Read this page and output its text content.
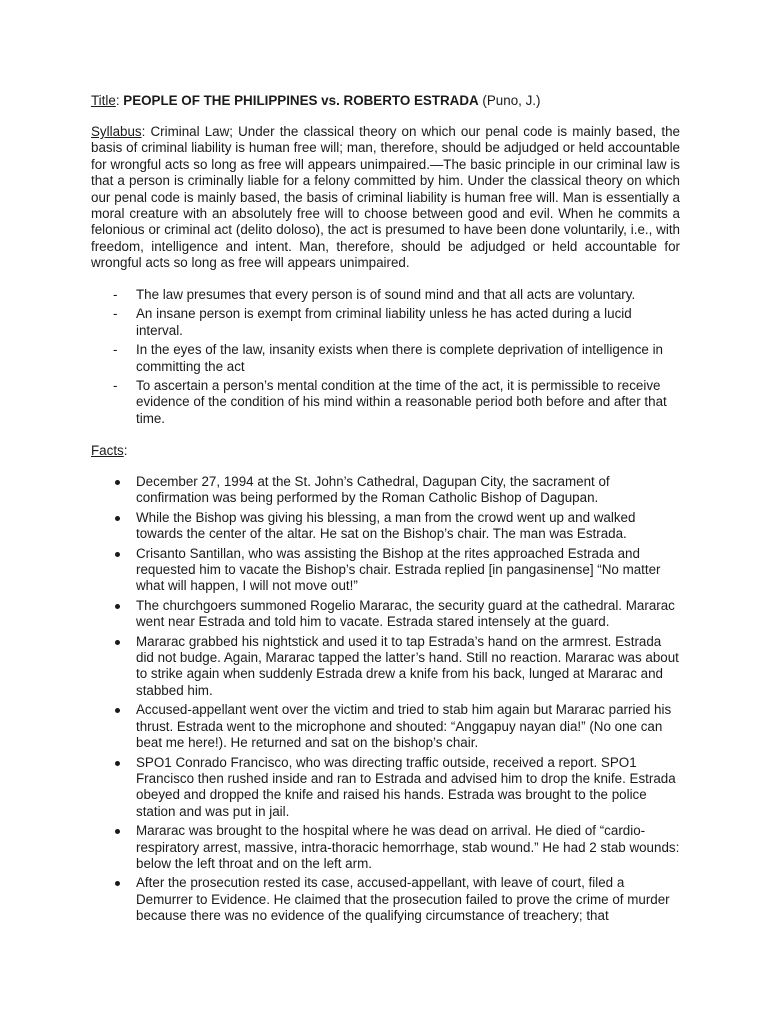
Title: PEOPLE OF THE PHILIPPINES vs. ROBERTO ESTRADA (Puno, J.)
Syllabus: Criminal Law; Under the classical theory on which our penal code is mainly based, the basis of criminal liability is human free will; man, therefore, should be adjudged or held accountable for wrongful acts so long as free will appears unimpaired.—The basic principle in our criminal law is that a person is criminally liable for a felony committed by him. Under the classical theory on which our penal code is mainly based, the basis of criminal liability is human free will. Man is essentially a moral creature with an absolutely free will to choose between good and evil. When he commits a felonious or criminal act (delito doloso), the act is presumed to have been done voluntarily, i.e., with freedom, intelligence and intent. Man, therefore, should be adjudged or held accountable for wrongful acts so long as free will appears unimpaired.
- The law presumes that every person is of sound mind and that all acts are voluntary.
- An insane person is exempt from criminal liability unless he has acted during a lucid interval.
- In the eyes of the law, insanity exists when there is complete deprivation of intelligence in committing the act
- To ascertain a person’s mental condition at the time of the act, it is permissible to receive evidence of the condition of his mind within a reasonable period both before and after that time.
Facts:
December 27, 1994 at the St. John’s Cathedral, Dagupan City, the sacrament of confirmation was being performed by the Roman Catholic Bishop of Dagupan.
While the Bishop was giving his blessing, a man from the crowd went up and walked towards the center of the altar. He sat on the Bishop’s chair. The man was Estrada.
Crisanto Santillan, who was assisting the Bishop at the rites approached Estrada and requested him to vacate the Bishop’s chair. Estrada replied [in pangasinense] “No matter what will happen, I will not move out!”
The churchgoers summoned Rogelio Mararac, the security guard at the cathedral. Mararac went near Estrada and told him to vacate. Estrada stared intensely at the guard.
Mararac grabbed his nightstick and used it to tap Estrada’s hand on the armrest. Estrada did not budge. Again, Mararac tapped the latter’s hand. Still no reaction. Mararac was about to strike again when suddenly Estrada drew a knife from his back, lunged at Mararac and stabbed him.
Accused-appellant went over the victim and tried to stab him again but Mararac parried his thrust. Estrada went to the microphone and shouted: “Anggapuy nayan dia!” (No one can beat me here!). He returned and sat on the bishop’s chair.
SPO1 Conrado Francisco, who was directing traffic outside, received a report. SPO1 Francisco then rushed inside and ran to Estrada and advised him to drop the knife. Estrada obeyed and dropped the knife and raised his hands. Estrada was brought to the police station and was put in jail.
Mararac was brought to the hospital where he was dead on arrival. He died of “cardio-respiratory arrest, massive, intra-thoracic hemorrhage, stab wound.” He had 2 stab wounds: below the left throat and on the left arm.
After the prosecution rested its case, accused-appellant, with leave of court, filed a Demurrer to Evidence. He claimed that the prosecution failed to prove the crime of murder because there was no evidence of the qualifying circumstance of treachery; that
